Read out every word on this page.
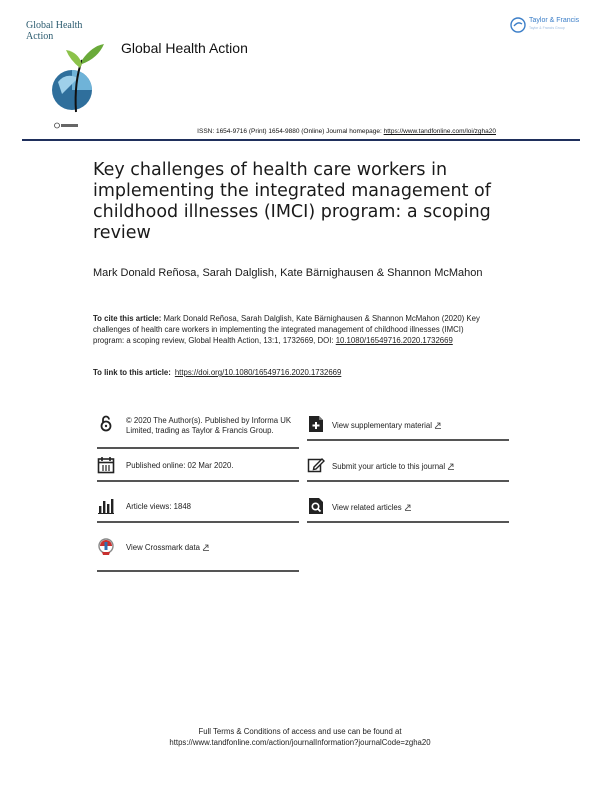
Global Health Action
Global Health Action
Taylor & Francis
Taylor & Francis Group
ISSN: 1654-9716 (Print) 1654-9880 (Online) Journal homepage: https://www.tandfonline.com/loi/zgha20
Key challenges of health care workers in implementing the integrated management of childhood illnesses (IMCI) program: a scoping review
Mark Donald Reñosa, Sarah Dalglish, Kate Bärnighausen & Shannon McMahon
To cite this article: Mark Donald Reñosa, Sarah Dalglish, Kate Bärnighausen & Shannon McMahon (2020) Key challenges of health care workers in implementing the integrated management of childhood illnesses (IMCI) program: a scoping review, Global Health Action, 13:1, 1732669, DOI: 10.1080/16549716.2020.1732669
To link to this article: https://doi.org/10.1080/16549716.2020.1732669
© 2020 The Author(s). Published by Informa UK Limited, trading as Taylor & Francis Group.
Published online: 02 Mar 2020.
Article views: 1848
View Crossmark data
View supplementary material
Submit your article to this journal
View related articles
Full Terms & Conditions of access and use can be found at
https://www.tandfonline.com/action/journalInformation?journalCode=zgha20
